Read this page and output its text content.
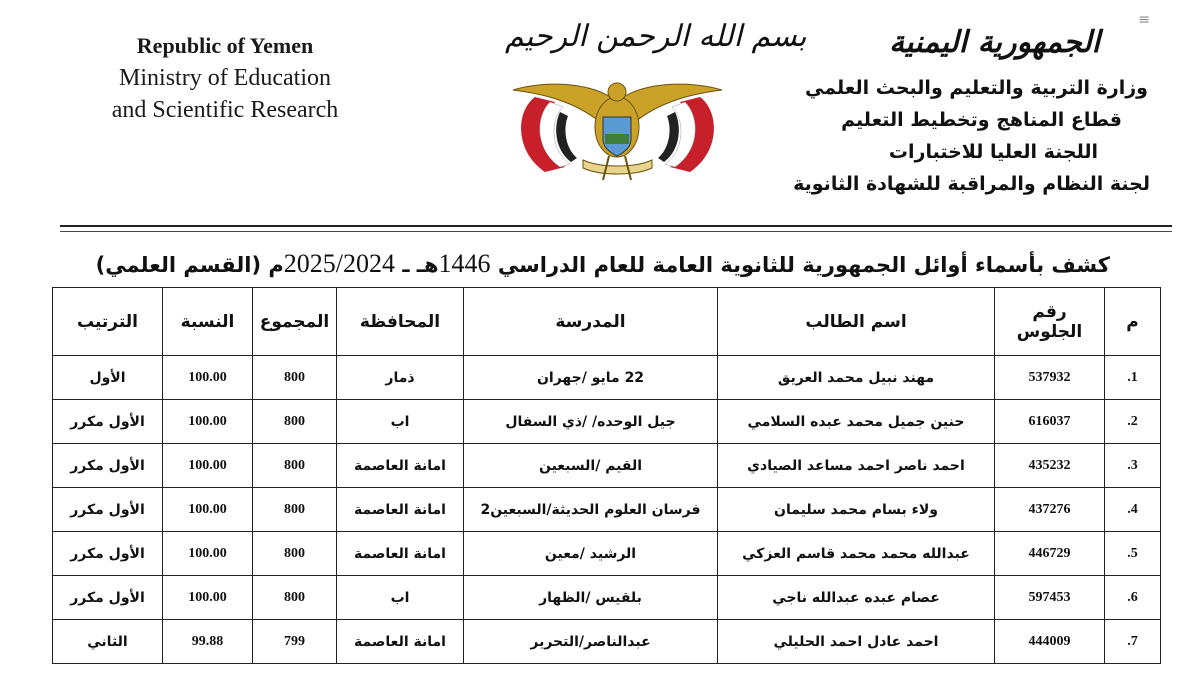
≡
Republic of Yemen
Ministry of Education
and Scientific Research
بسم الله الرحمن الرحيم	الجمهورية اليمنية
وزارة التربية والتعليم والبحث العلمي
قطاع المناهج وتخطيط التعليم
اللجنة العليا للاختبارات
لجنة النظام والمراقبة للشهادة الثانوية
كشف بأسماء أوائل الجمهورية للثانوية العامة للعام الدراسي 1446هـ ـ 2025/2024م (القسم العلمي)
م	رقم الجلوس	اسم الطالب	المدرسة	المحافظة	المجموع	النسبة	الترتيب
1.	537932	مهند نبيل محمد العريق	22 مايو /جهران	ذمار	800	100.00	الأول
2.	616037	حنين جميل محمد عبده السلامي	جيل الوحده/ /ذي السفال	اب	800	100.00	الأول مكرر
3.	435232	احمد ناصر احمد مساعد الصيادي	القيم /السبعين	امانة العاصمة	800	100.00	الأول مكرر
4.	437276	ولاء بسام محمد سليمان	فرسان العلوم الحديثة/السبعين2	امانة العاصمة	800	100.00	الأول مكرر
5.	446729	عبدالله محمد محمد قاسم العزكي	الرشيد /معين	امانة العاصمة	800	100.00	الأول مكرر
6.	597453	عصام عبده عبدالله ناجي	بلقيس /الظهار	اب	800	100.00	الأول مكرر
7.	444009	احمد عادل احمد الحليلي	عبدالناصر/التحرير	امانة العاصمة	799	99.88	الثاني
